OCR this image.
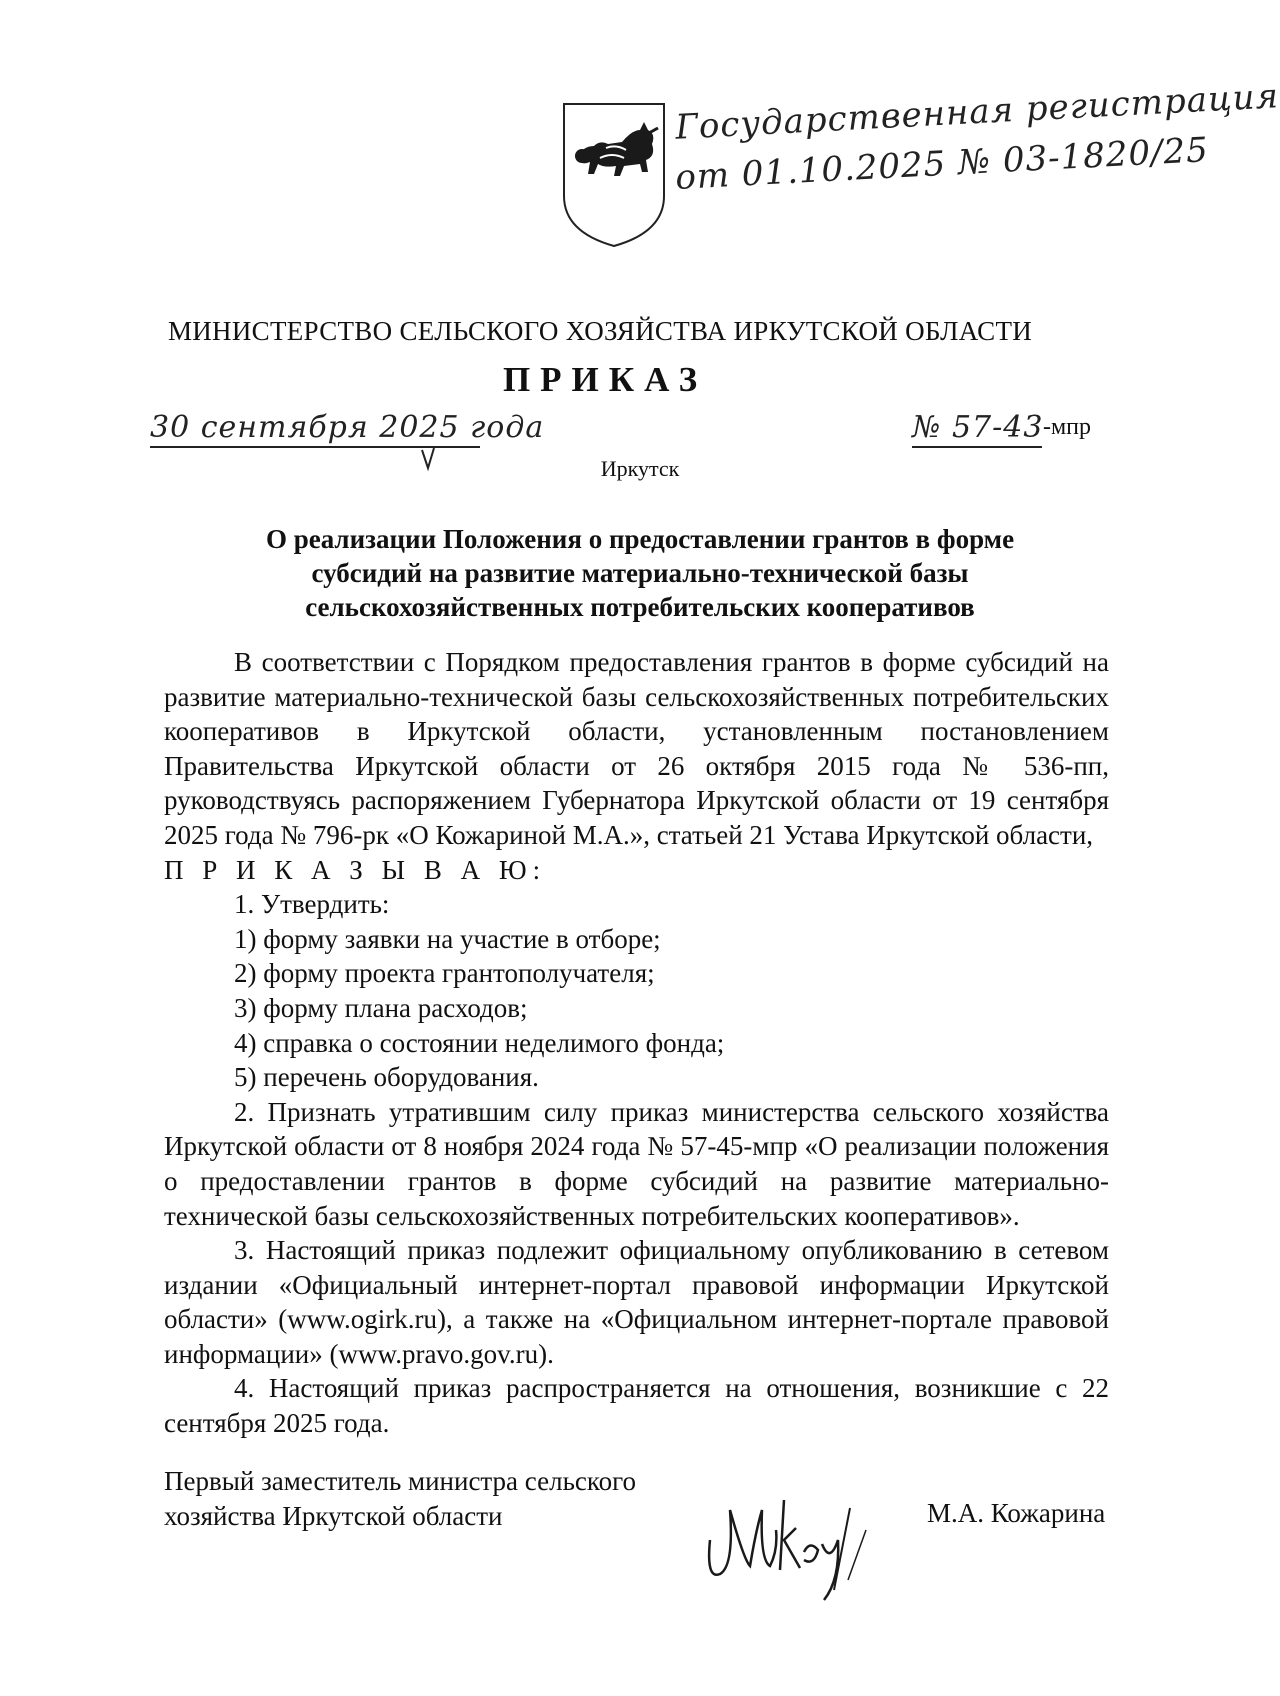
Государственная регистрация
от 01.10.2025 № 03-1820/25
МИНИСТЕРСТВО СЕЛЬСКОГО ХОЗЯЙСТВА ИРКУТСКОЙ ОБЛАСТИ
ПРИКАЗ
30 сентября 2025 года	№ 57-43 -мпр
Иркутск
О реализации Положения о предоставлении грантов в форме субсидий на развитие материально-технической базы сельскохозяйственных потребительских кооперативов

В соответствии с Порядком предоставления грантов в форме субсидий на развитие материально-технической базы сельскохозяйственных потребительских кооперативов в Иркутской области, установленным постановлением Правительства Иркутской области от 26 октября 2015 года № 536-пп, руководствуясь распоряжением Губернатора Иркутской области от 19 сентября 2025 года № 796-рк «О Кожариной М.А.», статьей 21 Устава Иркутской области,

П Р И К А З Ы В А Ю:

1. Утвердить:

1) форму заявки на участие в отборе;

2) форму проекта грантополучателя;

3) форму плана расходов;

4) справка о состоянии неделимого фонда;

5) перечень оборудования.

2. Признать утратившим силу приказ министерства сельского хозяйства Иркутской области от 8 ноября 2024 года № 57-45-мпр «О реализации положения о предоставлении грантов в форме субсидий на развитие материально-технической базы сельскохозяйственных потребительских кооперативов».

3. Настоящий приказ подлежит официальному опубликованию в сетевом издании «Официальный интернет-портал правовой информации Иркутской области» (www.ogirk.ru), а также на «Официальном интернет-портале правовой информации» (www.pravo.gov.ru).

4. Настоящий приказ распространяется на отношения, возникшие с 22 сентября 2025 года.

Первый заместитель министра сельского
хозяйства Иркутской области	М.А. Кожарина
